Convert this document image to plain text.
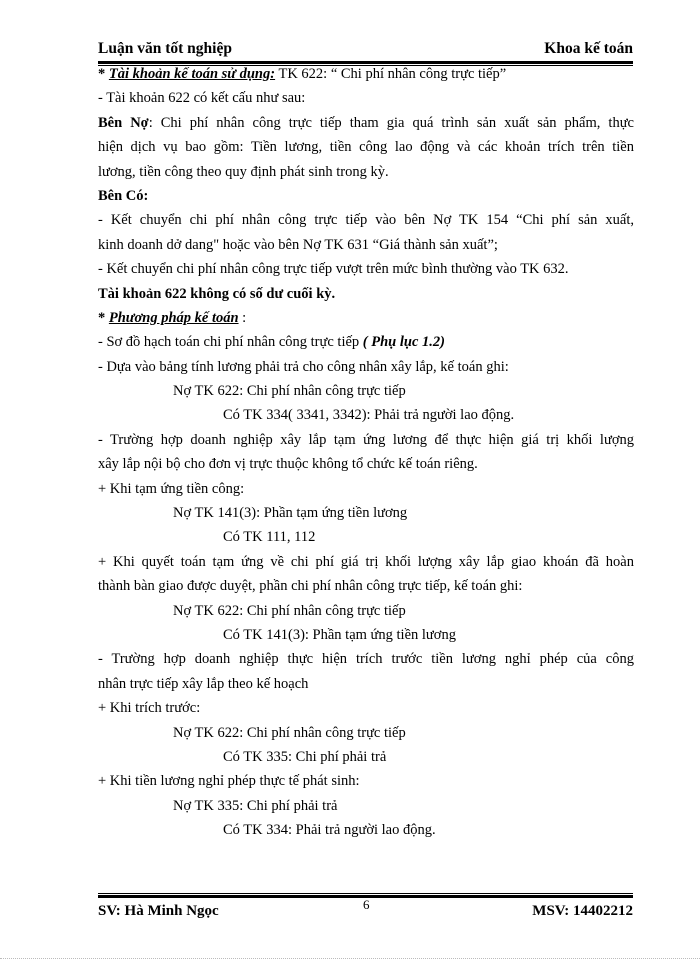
Luận văn tốt nghiệp	Khoa kế toán
* Tài khoản kế toán sử dụng: TK 622: “ Chi phí nhân công trực tiếp”
- Tài khoản 622 có kết cấu như sau:
Bên Nợ: Chi phí nhân công trực tiếp tham gia quá trình sản xuất sản phẩm, thực
hiện dịch vụ bao gồm: Tiền lương, tiền công lao động và các khoản trích trên tiền
lương, tiền công theo quy định phát sinh trong kỳ.
Bên Có:
- Kết chuyển chi phí nhân công trực tiếp vào bên Nợ TK 154 “Chi phí sản xuất,
kinh doanh dở dang" hoặc vào bên Nợ TK 631 “Giá thành sản xuất”;
- Kết chuyển chi phí nhân công trực tiếp vượt trên mức bình thường vào TK 632.
Tài khoản 622 không có số dư cuối kỳ.
* Phương pháp kế toán :
- Sơ đồ hạch toán chi phí nhân công trực tiếp ( Phụ lục 1.2)
- Dựa vào bảng tính lương phải trả cho công nhân xây lắp, kế toán ghi:
Nợ TK 622: Chi phí nhân công trực tiếp
Có TK 334( 3341, 3342): Phải trả người lao động.
- Trường hợp doanh nghiệp xây lắp tạm ứng lương để thực hiện giá trị khối lượng
xây lắp nội bộ cho đơn vị trực thuộc không tổ chức kế toán riêng.
+ Khi tạm ứng tiền công:
Nợ TK 141(3): Phần tạm ứng tiền lương
Có TK 111, 112
+ Khi quyết toán tạm ứng về chi phí giá trị khối lượng xây lắp giao khoán đã hoàn
thành bàn giao được duyệt, phần chi phí nhân công trực tiếp, kế toán ghi:
Nợ TK 622: Chi phí nhân công trực tiếp
Có TK 141(3): Phần tạm ứng tiền lương
- Trường hợp doanh nghiệp thực hiện trích trước tiền lương nghỉ phép của công
nhân trực tiếp xây lắp theo kế hoạch
+ Khi trích trước:
Nợ TK 622: Chi phí nhân công trực tiếp
Có TK 335: Chi phí phải trả
+ Khi tiền lương nghỉ phép thực tế phát sinh:
Nợ TK 335: Chi phí phải trả
Có TK 334: Phải trả người lao động.
SV: Hà Minh Ngọc	6	MSV: 14402212
